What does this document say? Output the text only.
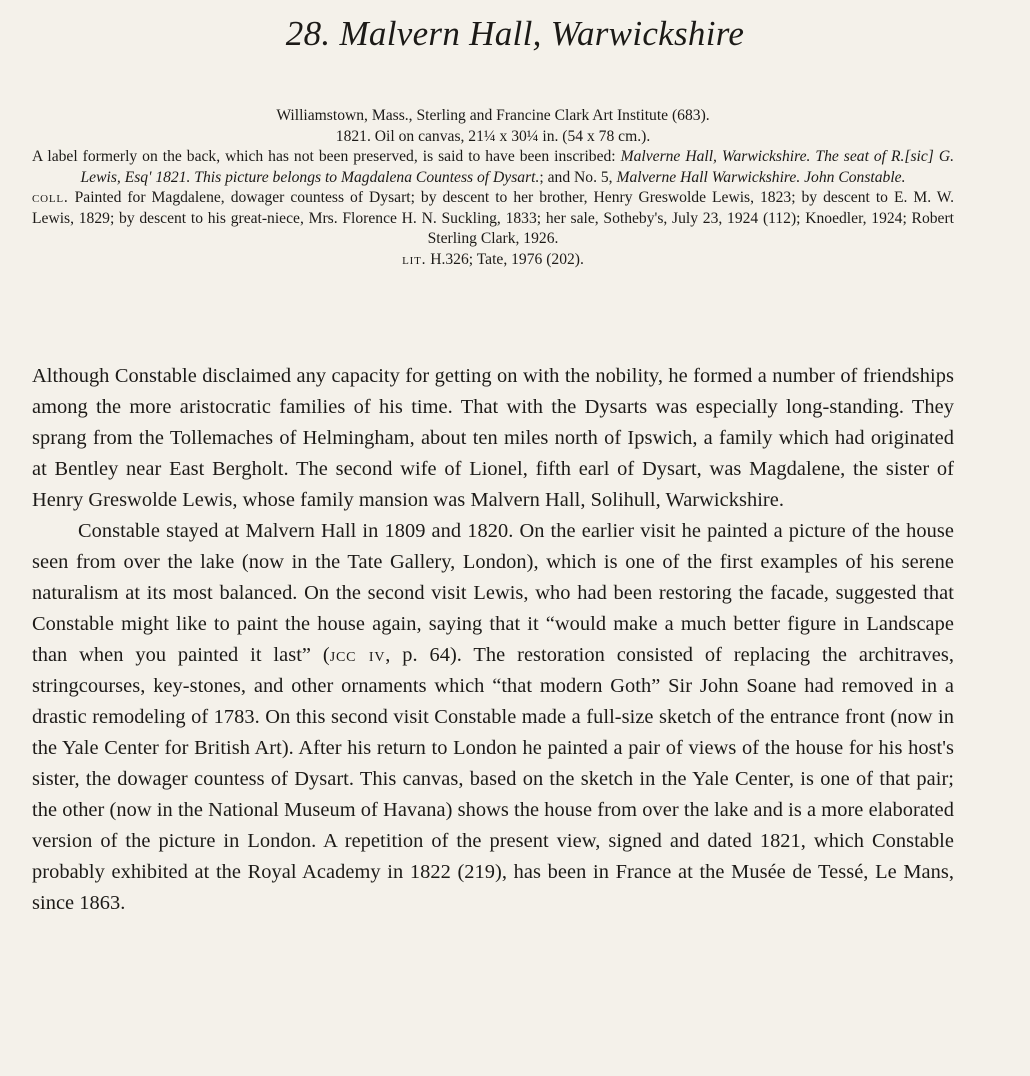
28. Malvern Hall, Warwickshire

Williamstown, Mass., Sterling and Francine Clark Art Institute (683).

1821. Oil on canvas, 21¼ x 30¼ in. (54 x 78 cm.).

A label formerly on the back, which has not been preserved, is said to have been inscribed: Malverne Hall, Warwickshire. The seat of R.[sic] G. Lewis, Esq' 1821. This picture belongs to Magdalena Countess of Dysart.; and No. 5, Malverne Hall Warwickshire. John Constable.

coll. Painted for Magdalene, dowager countess of Dysart; by descent to her brother, Henry Greswolde Lewis, 1823; by descent to E. M. W. Lewis, 1829; by descent to his great-niece, Mrs. Florence H. N. Suckling, 1833; her sale, Sotheby's, July 23, 1924 (112); Knoedler, 1924; Robert Sterling Clark, 1926.

lit. H.326; Tate, 1976 (202).

Although Constable disclaimed any capacity for getting on with the nobility, he formed a number of friendships among the more aristocratic families of his time. That with the Dysarts was especially long-standing. They sprang from the Tollemaches of Helmingham, about ten miles north of Ipswich, a family which had originated at Bentley near East Bergholt. The second wife of Lionel, fifth earl of Dysart, was Magdalene, the sister of Henry Greswolde Lewis, whose family mansion was Malvern Hall, Solihull, Warwickshire.

Constable stayed at Malvern Hall in 1809 and 1820. On the earlier visit he painted a picture of the house seen from over the lake (now in the Tate Gallery, London), which is one of the first examples of his serene naturalism at its most balanced. On the second visit Lewis, who had been restoring the facade, suggested that Constable might like to paint the house again, saying that it “would make a much better figure in Landscape than when you painted it last” (jcc iv, p. 64). The restoration consisted of replacing the architraves, stringcourses, key-stones, and other ornaments which “that modern Goth” Sir John Soane had removed in a drastic remodeling of 1783. On this second visit Constable made a full-size sketch of the entrance front (now in the Yale Center for British Art). After his return to London he painted a pair of views of the house for his host's sister, the dowager countess of Dysart. This canvas, based on the sketch in the Yale Center, is one of that pair; the other (now in the National Museum of Havana) shows the house from over the lake and is a more elaborated version of the picture in London. A repetition of the present view, signed and dated 1821, which Constable probably exhibited at the Royal Academy in 1822 (219), has been in France at the Musée de Tessé, Le Mans, since 1863.
